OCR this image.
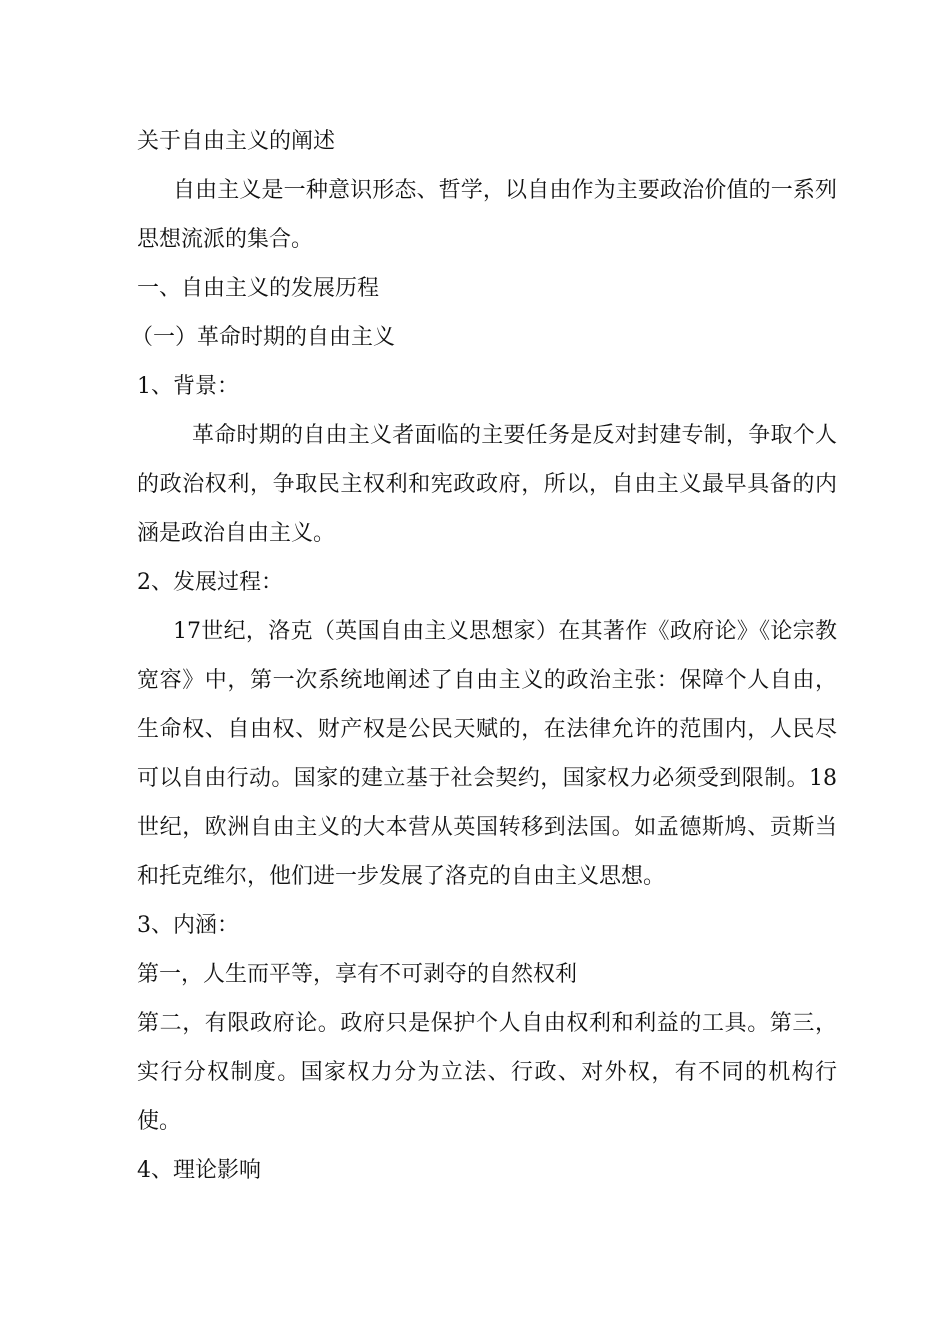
关于自由主义的阐述

自由主义是一种意识形态、哲学，以自由作为主要政治价值的一系列思想流派的集合。

一、自由主义的发展历程

（一）革命时期的自由主义

1、背景：

革命时期的自由主义者面临的主要任务是反对封建专制，争取个人的政治权利，争取民主权利和宪政政府，所以，自由主义最早具备的内涵是政治自由主义。

2、发展过程：

17世纪，洛克（英国自由主义思想家）在其著作《政府论》《论宗教宽容》中，第一次系统地阐述了自由主义的政治主张：保障个人自由，生命权、自由权、财产权是公民天赋的，在法律允许的范围内，人民尽可以自由行动。国家的建立基于社会契约，国家权力必须受到限制。18世纪，欧洲自由主义的大本营从英国转移到法国。如孟德斯鸠、贡斯当和托克维尔，他们进一步发展了洛克的自由主义思想。

3、内涵：

第一，人生而平等，享有不可剥夺的自然权利

第二，有限政府论。政府只是保护个人自由权利和利益的工具。第三，实行分权制度。国家权力分为立法、行政、对外权，有不同的机构行使。

4、理论影响
